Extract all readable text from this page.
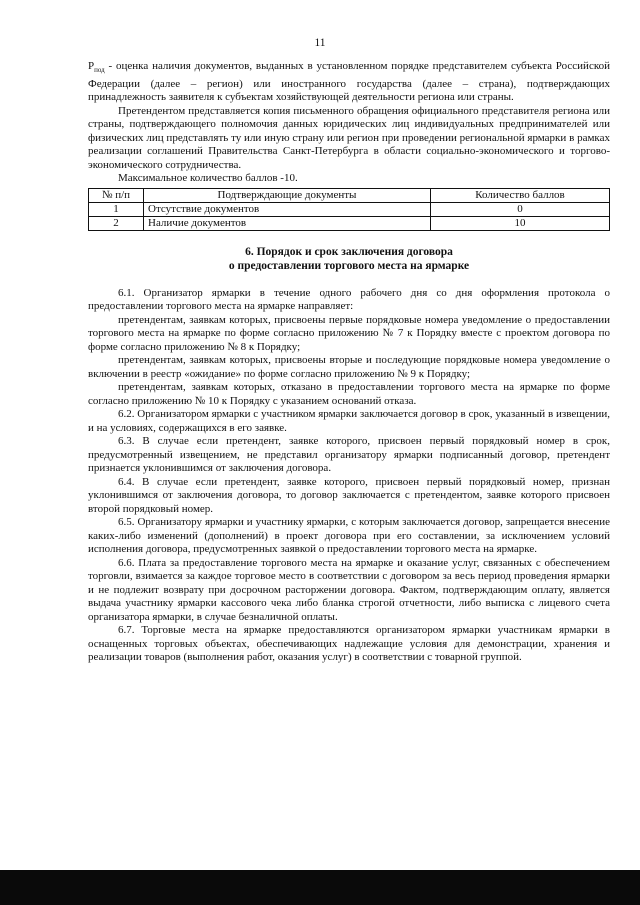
11

$P_{под}$ - оценка наличия документов, выданных в установленном порядке представителем субъекта Российской Федерации (далее – регион) или иностранного государства (далее – страна), подтверждающих принадлежность заявителя к субъектам хозяйствующей деятельности региона или страны.

Претендентом представляется копия письменного обращения официального представителя региона или страны, подтверждающего полномочия данных юридических лиц индивидуальных предпринимателей или физических лиц представлять ту или иную страну или регион при проведении региональной ярмарки в рамках реализации соглашений Правительства Санкт-Петербурга в области социально-экономического и торгово-экономического сотрудничества.

Максимальное количество баллов -10.

№ п/п	Подтверждающие документы	Количество баллов
1	Отсутствие документов	0
2	Наличие документов	10
6. Порядок и срок заключения договора
о предоставлении торгового места на ярмарке

6.1. Организатор ярмарки в течение одного рабочего дня со дня оформления протокола о предоставлении торгового места на ярмарке направляет:

претендентам, заявкам которых, присвоены первые порядковые номера уведомление о предоставлении торгового места на ярмарке по форме согласно приложению № 7 к Порядку вместе с проектом договора по форме согласно приложению № 8 к Порядку;

претендентам, заявкам которых, присвоены вторые и последующие порядковые номера уведомление о включении в реестр «ожидание» по форме согласно приложению № 9 к Порядку;

претендентам, заявкам которых, отказано в предоставлении торгового места на ярмарке по форме согласно приложению № 10 к Порядку с указанием оснований отказа.

6.2. Организатором ярмарки с участником ярмарки заключается договор в срок, указанный в извещении, и на условиях, содержащихся в его заявке.

6.3. В случае если претендент, заявке которого, присвоен первый порядковый номер в срок, предусмотренный извещением, не представил организатору ярмарки подписанный договор, претендент признается уклонившимся от заключения договора.

6.4. В случае если претендент, заявке которого, присвоен первый порядковый номер, признан уклонившимся от заключения договора, то договор заключается с претендентом, заявке которого присвоен второй порядковый номер.

6.5. Организатору ярмарки и участнику ярмарки, с которым заключается договор, запрещается внесение каких-либо изменений (дополнений) в проект договора при его составлении, за исключением условий исполнения договора, предусмотренных заявкой о предоставлении торгового места на ярмарке.

6.6. Плата за предоставление торгового места на ярмарке и оказание услуг, связанных с обеспечением торговли, взимается за каждое торговое место в соответствии с договором за весь период проведения ярмарки и не подлежит возврату при досрочном расторжении договора. Фактом, подтверждающим оплату, является выдача участнику ярмарки кассового чека либо бланка строгой отчетности, либо выписка с лицевого счета организатора ярмарки, в случае безналичной оплаты.

6.7. Торговые места на ярмарке предоставляются организатором ярмарки участникам ярмарки в оснащенных торговых объектах, обеспечивающих надлежащие условия для демонстрации, хранения и реализации товаров (выполнения работ, оказания услуг) в соответствии с товарной группой.
